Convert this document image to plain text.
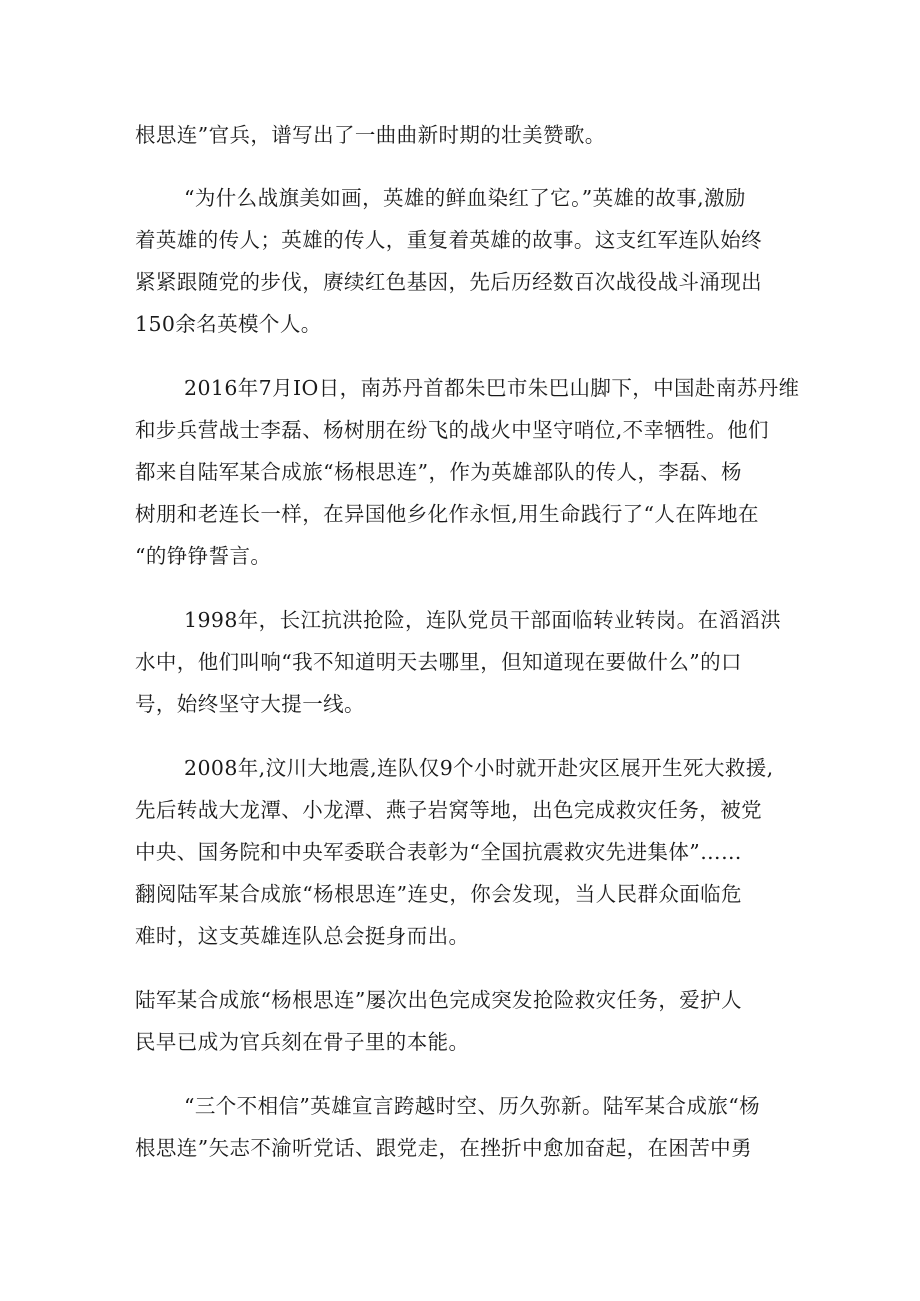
根思连”官兵，谱写出了一曲曲新时期的壮美赞歌。
“为什么战旗美如画，英雄的鲜血染红了它。”英雄的故事,激励
着英雄的传人；英雄的传人，重复着英雄的故事。这支红军连队始终
紧紧跟随党的步伐，赓续红色基因，先后历经数百次战役战斗涌现出
150余名英模个人。
2016年7月IO日，南苏丹首都朱巴市朱巴山脚下，中国赴南苏丹维
和步兵营战士李磊、杨树朋在纷飞的战火中坚守哨位,不幸牺牲。他们
都来自陆军某合成旅“杨根思连”，作为英雄部队的传人，李磊、杨
树朋和老连长一样，在异国他乡化作永恒,用生命践行了“人在阵地在
“的铮铮誓言。
1998年，长江抗洪抢险，连队党员干部面临转业转岗。在滔滔洪
水中，他们叫响“我不知道明天去哪里，但知道现在要做什么”的口
号，始终坚守大提一线。
2008年,汶川大地震,连队仅9个小时就开赴灾区展开生死大救援,
先后转战大龙潭、小龙潭、燕子岩窝等地，出色完成救灾任务，被党
中央、国务院和中央军委联合表彰为“全国抗震救灾先进集体”……
翻阅陆军某合成旅“杨根思连”连史，你会发现，当人民群众面临危
难时，这支英雄连队总会挺身而出。
陆军某合成旅“杨根思连”屡次出色完成突发抢险救灾任务，爱护人
民早已成为官兵刻在骨子里的本能。
“三个不相信”英雄宣言跨越时空、历久弥新。陆军某合成旅“杨
根思连”矢志不渝听党话、跟党走，在挫折中愈加奋起，在困苦中勇
